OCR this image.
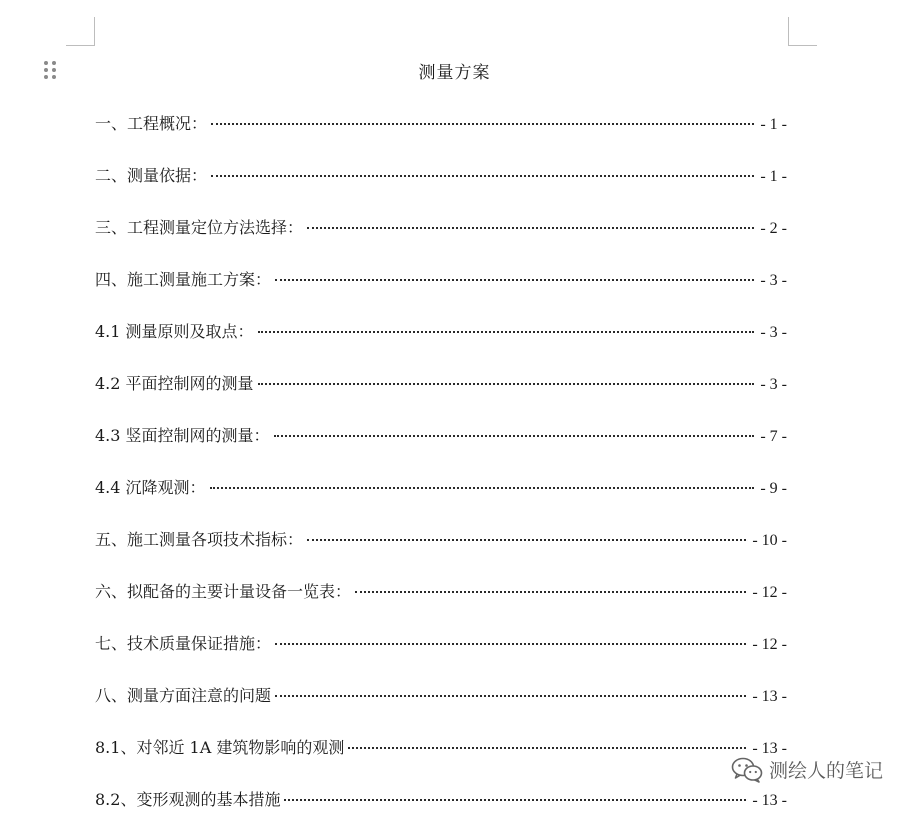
测量方案
一、工程概况：	- 1 -
二、测量依据：	- 1 -
三、工程测量定位方法选择：	- 2 -
四、施工测量施工方案：	- 3 -
4.1 测量原则及取点：	- 3 -
4.2 平面控制网的测量	- 3 -
4.3 竖面控制网的测量：	- 7 -
4.4 沉降观测：	- 9 -
五、施工测量各项技术指标：	- 10 -
六、拟配备的主要计量设备一览表：	- 12 -
七、技术质量保证措施：	- 12 -
八、测量方面注意的问题	- 13 -
8.1、对邻近 1A 建筑物影响的观测	- 13 -
8.2、变形观测的基本措施	- 13 -
测绘人的笔记
